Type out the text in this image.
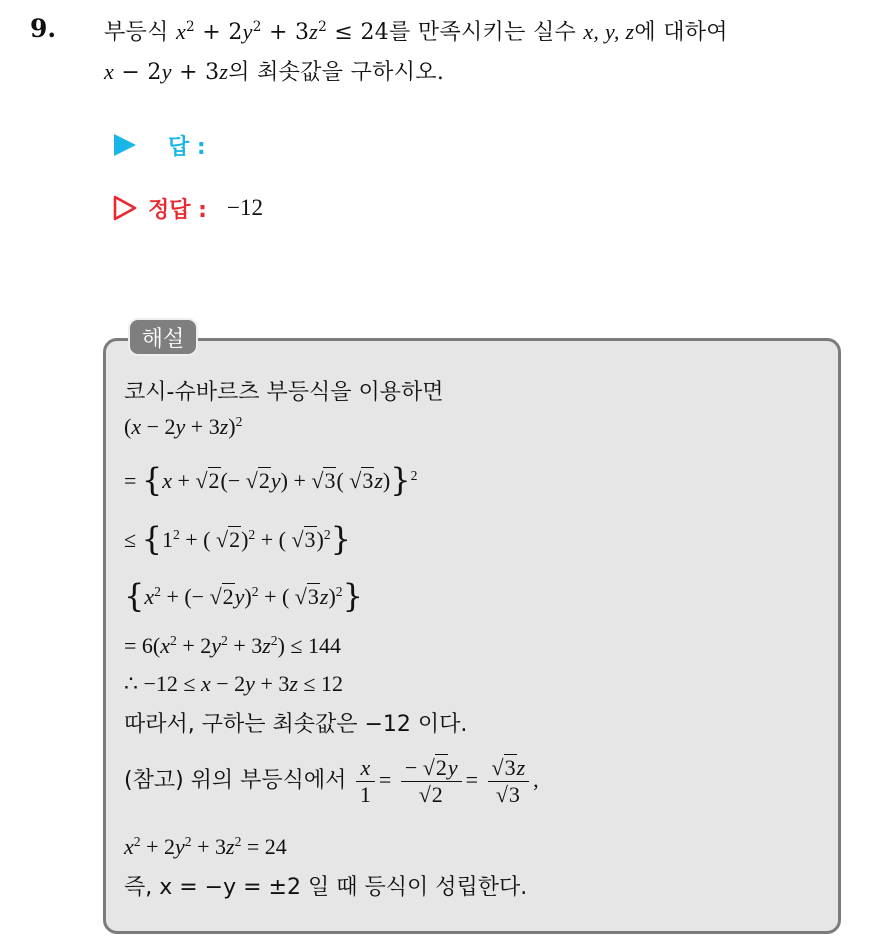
9. 부등식 $x^2 + 2y^2 + 3z^2 \le 24$를 만족시키는 실수 x, y, z에 대하여
x − 2y + 3z의 최솟값을 구하시오.
답 :
정답 : −12
해설
코시-슈바르츠 부등식을 이용하면
$(x - 2y + 3z)^2$
= {x + √2(− √2y) + √3( √3z)}$^2$
≤ {$1^2$ + ( √2)$^2$ + ( √3)$^2$}
{$x^2$ + (− √2y)$^2$ + ( √3z)$^2$}
= $6(x^2 + 2y^2 + 3z^2) \le 144$
∴ −12 ≤ x − 2y + 3z ≤ 12
따라서, 구하는 최솟값은 −12 이다.
(참고) 위의 부등식에서 $\frac{x}{1} = \frac{- √2y}{√2} = \frac{√3z}{√3}$ ,
$x^2 + 2y^2 + 3z^2 = 24$
즉, x = −y = ±2 일 때 등식이 성립한다.
